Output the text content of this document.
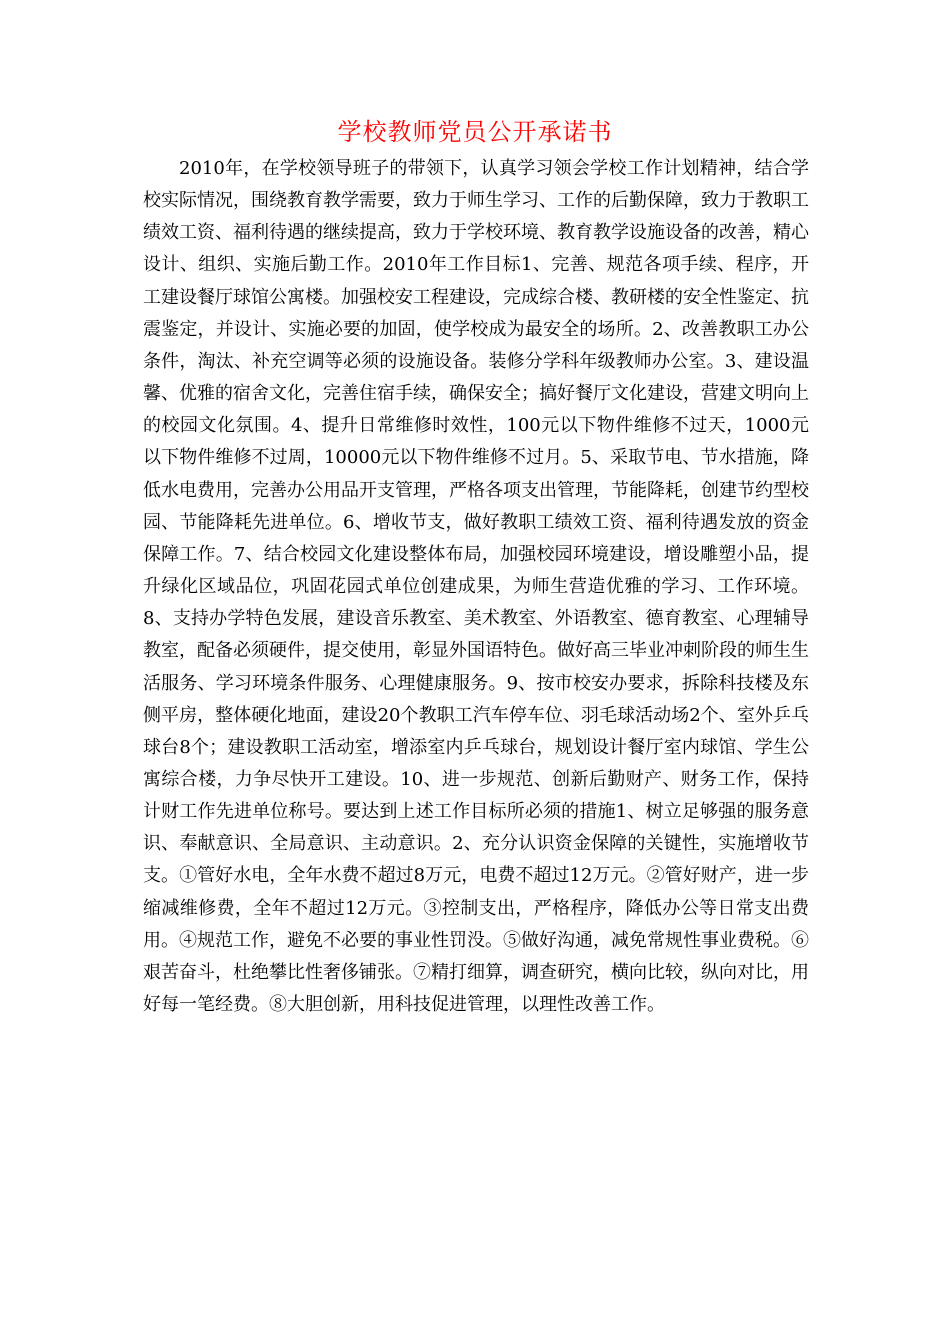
学校教师党员公开承诺书

2010年，在学校领导班子的带领下，认真学习领会学校工作计划精神，结合学校实际情况，围绕教育教学需要，致力于师生学习、工作的后勤保障，致力于教职工绩效工资、福利待遇的继续提高，致力于学校环境、教育教学设施设备的改善，精心设计、组织、实施后勤工作。2010年工作目标1、完善、规范各项手续、程序，开工建设餐厅球馆公寓楼。加强校安工程建设，完成综合楼、教研楼的安全性鉴定、抗震鉴定，并设计、实施必要的加固，使学校成为最安全的场所。2、改善教职工办公条件，淘汰、补充空调等必须的设施设备。装修分学科年级教师办公室。3、建设温馨、优雅的宿舍文化，完善住宿手续，确保安全；搞好餐厅文化建设，营建文明向上的校园文化氛围。4、提升日常维修时效性，100元以下物件维修不过天，1000元以下物件维修不过周，10000元以下物件维修不过月。5、采取节电、节水措施，降低水电费用，完善办公用品开支管理，严格各项支出管理，节能降耗，创建节约型校园、节能降耗先进单位。6、增收节支，做好教职工绩效工资、福利待遇发放的资金保障工作。7、结合校园文化建设整体布局，加强校园环境建设，增设雕塑小品，提升绿化区域品位，巩固花园式单位创建成果，为师生营造优雅的学习、工作环境。8、支持办学特色发展，建设音乐教室、美术教室、外语教室、德育教室、心理辅导教室，配备必须硬件，提交使用，彰显外国语特色。做好高三毕业冲刺阶段的师生生活服务、学习环境条件服务、心理健康服务。9、按市校安办要求，拆除科技楼及东侧平房，整体硬化地面，建设20个教职工汽车停车位、羽毛球活动场2个、室外乒乓球台8个；建设教职工活动室，增添室内乒乓球台，规划设计餐厅室内球馆、学生公寓综合楼，力争尽快开工建设。10、进一步规范、创新后勤财产、财务工作，保持计财工作先进单位称号。要达到上述工作目标所必须的措施1、树立足够强的服务意识、奉献意识、全局意识、主动意识。2、充分认识资金保障的关键性，实施增收节支。①管好水电，全年水费不超过8万元，电费不超过12万元。②管好财产，进一步缩减维修费，全年不超过12万元。③控制支出，严格程序，降低办公等日常支出费用。④规范工作，避免不必要的事业性罚没。⑤做好沟通，减免常规性事业费税。⑥艰苦奋斗，杜绝攀比性奢侈铺张。⑦精打细算，调查研究，横向比较，纵向对比，用好每一笔经费。⑧大胆创新，用科技促进管理，以理性改善工作。
